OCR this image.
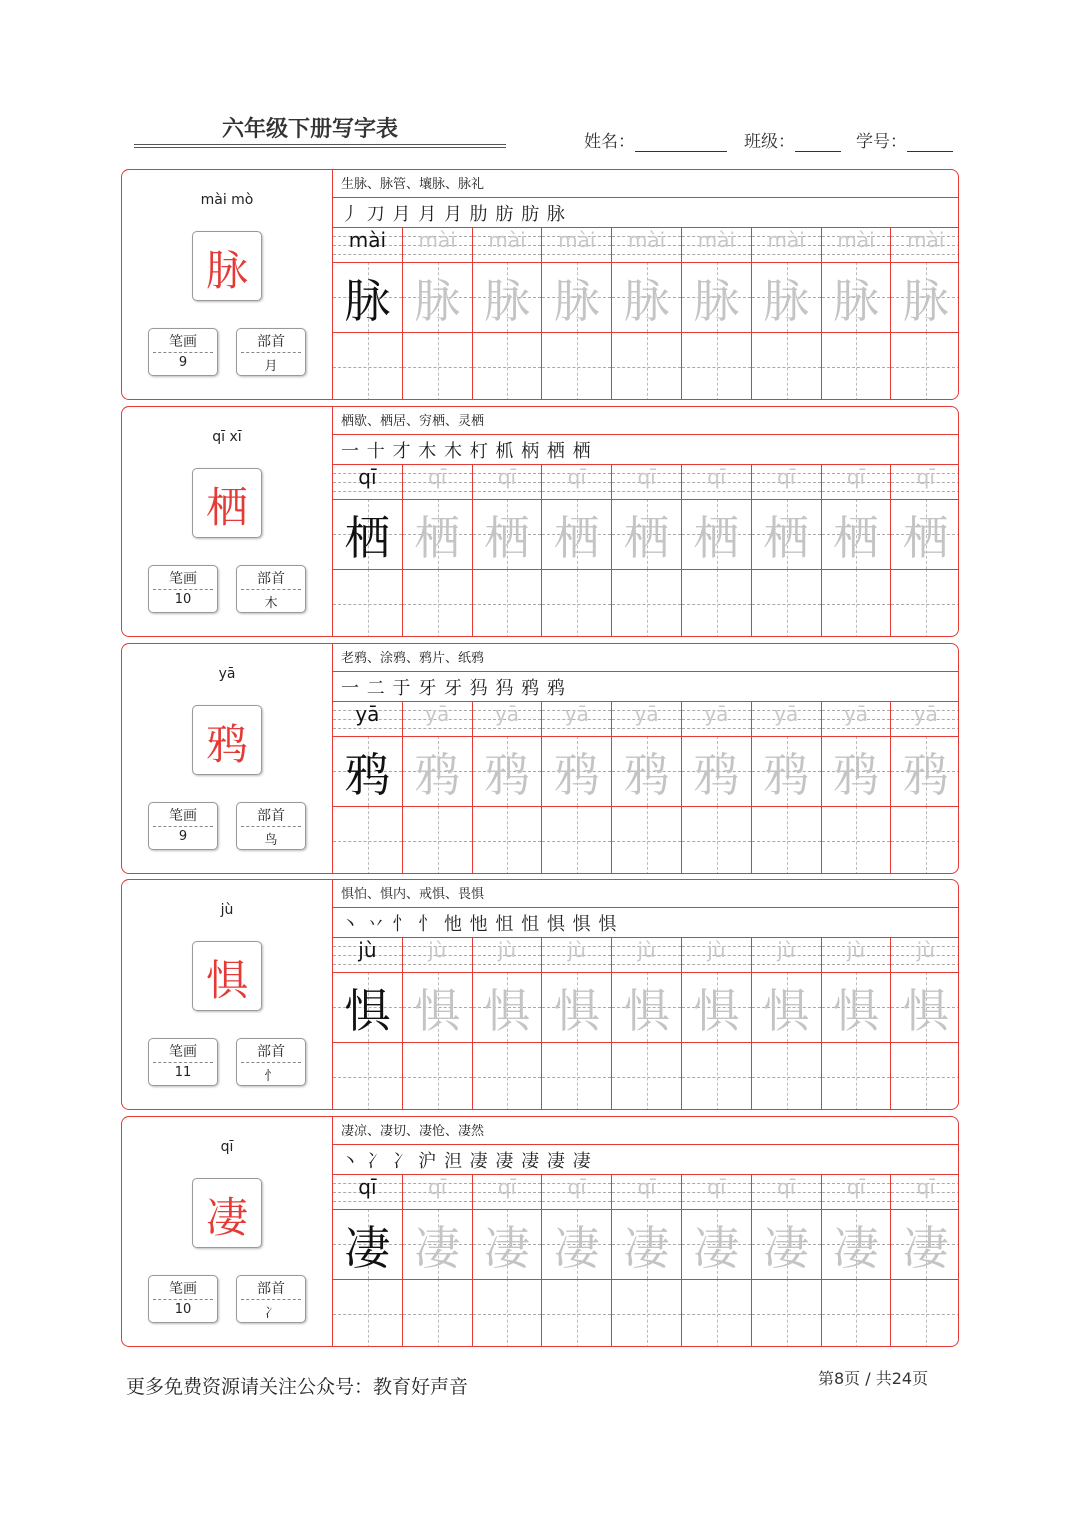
六年级下册写字表	姓名：	班级：	学号：
mài mò
脉
笔画
9
部首
月
生脉、脉管、壤脉、脉礼
丿 刀 月 月 月 肋 肪 肪 脉
mài	mài	mài	mài	mài	mài	mài	mài	mài
脉 脉 脉 脉 脉 脉 脉 脉 脉
qī xī
栖
笔画
10
部首
木
栖歇、栖居、穷栖、灵栖
一 十 才 木 木 朾 枛 柄 栖 栖
qī	qī	qī	qī	qī	qī	qī	qī	qī
栖 栖 栖 栖 栖 栖 栖 栖 栖
yā
鸦
笔画
9
部首
鸟
老鸦、涂鸦、鸦片、纸鸦
一 二 于 牙 牙 犸 犸 鸦 鸦
yā	yā	yā	yā	yā	yā	yā	yā	yā
鸦 鸦 鸦 鸦 鸦 鸦 鸦 鸦 鸦
jù
惧
笔画
11
部首
忄
惧怕、惧内、戒惧、畏惧
丶 丷 忄 忄 忚 忚 怚 怚 惧 惧 惧
jù	jù	jù	jù	jù	jù	jù	jù	jù
惧 惧 惧 惧 惧 惧 惧 惧 惧
qī
凄
笔画
10
部首
冫
凄凉、凄切、凄怆、凄然
丶 冫 冫 沪 泹 凄 凄 凄 凄 凄
qī	qī	qī	qī	qī	qī	qī	qī	qī
凄 凄 凄 凄 凄 凄 凄 凄 凄
更多免费资源请关注公众号：教育好声音	第8页 / 共24页
